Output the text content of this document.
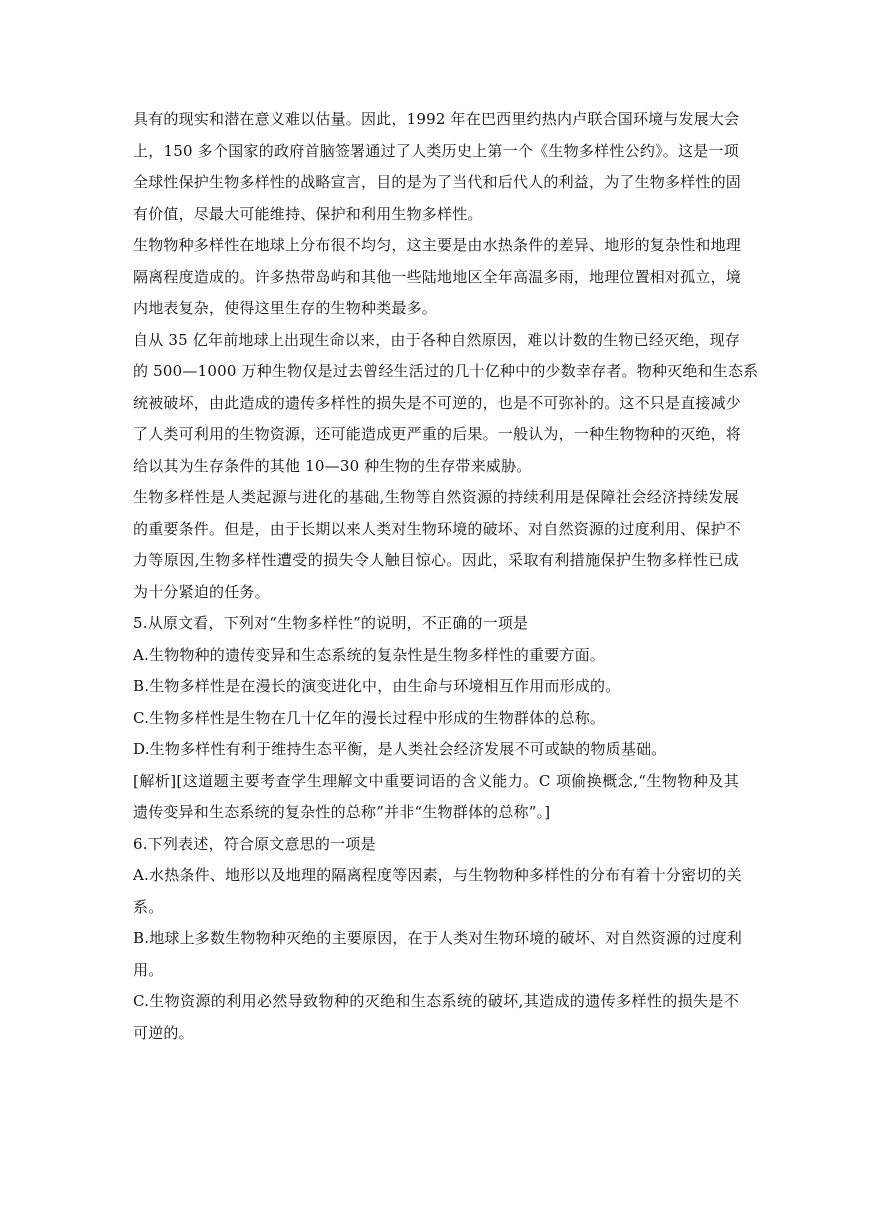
具有的现实和潜在意义难以估量。因此，1992 年在巴西里约热内卢联合国环境与发展大会
上，150 多个国家的政府首脑签署通过了人类历史上第一个《生物多样性公约》。这是一项
全球性保护生物多样性的战略宣言，目的是为了当代和后代人的利益，为了生物多样性的固
有价值，尽最大可能维持、保护和利用生物多样性。
生物物种多样性在地球上分布很不均匀，这主要是由水热条件的差异、地形的复杂性和地理
隔离程度造成的。许多热带岛屿和其他一些陆地地区全年高温多雨，地理位置相对孤立，境
内地表复杂，使得这里生存的生物种类最多。
自从 35 亿年前地球上出现生命以来，由于各种自然原因，难以计数的生物已经灭绝，现存
的 500—1000 万种生物仅是过去曾经生活过的几十亿种中的少数幸存者。物种灭绝和生态系
统被破坏，由此造成的遗传多样性的损失是不可逆的，也是不可弥补的。这不只是直接减少
了人类可利用的生物资源，还可能造成更严重的后果。一般认为，一种生物物种的灭绝，将
给以其为生存条件的其他 10—30 种生物的生存带来威胁。
生物多样性是人类起源与进化的基础,生物等自然资源的持续利用是保障社会经济持续发展
的重要条件。但是，由于长期以来人类对生物环境的破坏、对自然资源的过度利用、保护不
力等原因,生物多样性遭受的损失令人触目惊心。因此，采取有利措施保护生物多样性已成
为十分紧迫的任务。
5.从原文看，下列对“生物多样性”的说明，不正确的一项是
A.生物物种的遗传变异和生态系统的复杂性是生物多样性的重要方面。
B.生物多样性是在漫长的演变进化中，由生命与环境相互作用而形成的。
C.生物多样性是生物在几十亿年的漫长过程中形成的生物群体的总称。
D.生物多样性有利于维持生态平衡，是人类社会经济发展不可或缺的物质基础。
[解析][这道题主要考查学生理解文中重要词语的含义能力。C 项偷换概念,“生物物种及其
遗传变异和生态系统的复杂性的总称”并非“生物群体的总称”。]
6.下列表述，符合原文意思的一项是
A.水热条件、地形以及地理的隔离程度等因素，与生物物种多样性的分布有着十分密切的关
系。
B.地球上多数生物物种灭绝的主要原因，在于人类对生物环境的破坏、对自然资源的过度利
用。
C.生物资源的利用必然导致物种的灭绝和生态系统的破坏,其造成的遗传多样性的损失是不
可逆的。
